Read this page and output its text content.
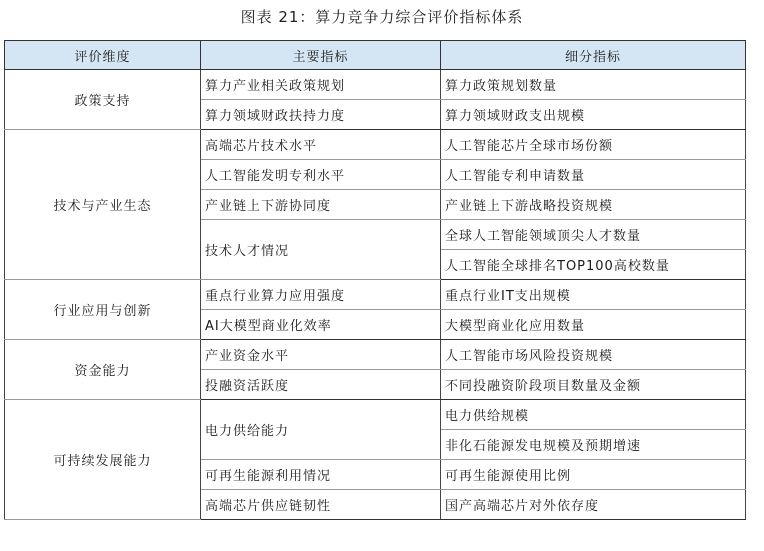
图表 21：算力竞争力综合评价指标体系
评价维度	主要指标	细分指标
政策支持	算力产业相关政策规划	算力政策规划数量
	算力领域财政扶持力度	算力领域财政支出规模
技术与产业生态	高端芯片技术水平	人工智能芯片全球市场份额
	人工智能发明专利水平	人工智能专利申请数量
	产业链上下游协同度	产业链上下游战略投资规模
	技术人才情况	全球人工智能领域顶尖人才数量
		人工智能全球排名TOP100高校数量
行业应用与创新	重点行业算力应用强度	重点行业IT支出规模
	AI大模型商业化效率	大模型商业化应用数量
资金能力	产业资金水平	人工智能市场风险投资规模
	投融资活跃度	不同投融资阶段项目数量及金额
可持续发展能力	电力供给能力	电力供给规模
		非化石能源发电规模及预期增速
	可再生能源利用情况	可再生能源使用比例
	高端芯片供应链韧性	国产高端芯片对外依存度
